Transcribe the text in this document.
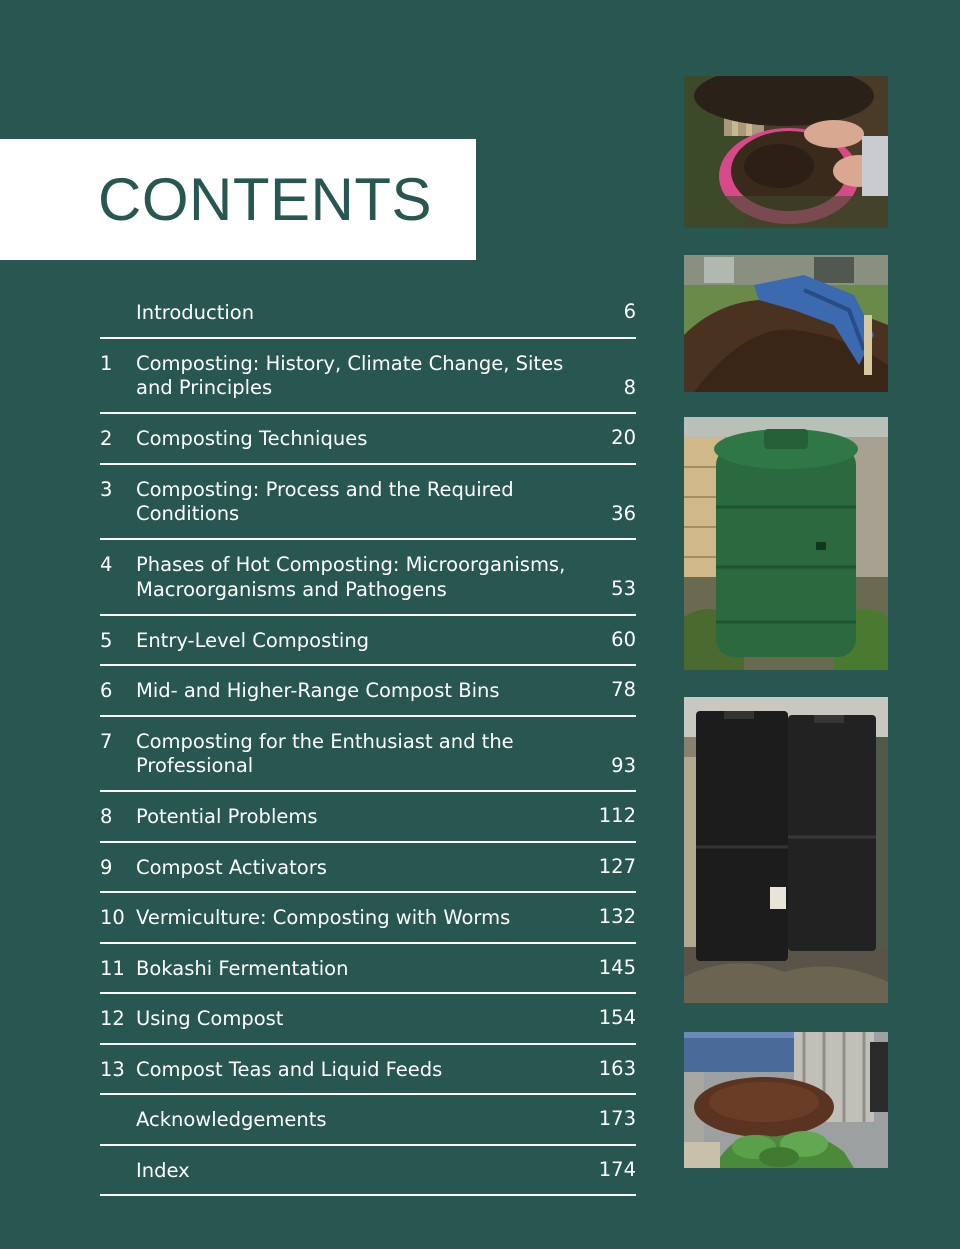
CONTENTS
Introduction	6
1 Composting: History, Climate Change, Sites and Principles	8
2 Composting Techniques	20
3 Composting: Process and the Required Conditions	36
4 Phases of Hot Composting: Microorganisms, Macroorganisms and Pathogens	53
5 Entry-Level Composting	60
6 Mid- and Higher-Range Compost Bins	78
7 Composting for the Enthusiast and the Professional	93
8 Potential Problems	112
9 Compost Activators	127
10 Vermiculture: Composting with Worms	132
11 Bokashi Fermentation	145
12 Using Compost	154
13 Compost Teas and Liquid Feeds	163
Acknowledgements	173
Index	174
